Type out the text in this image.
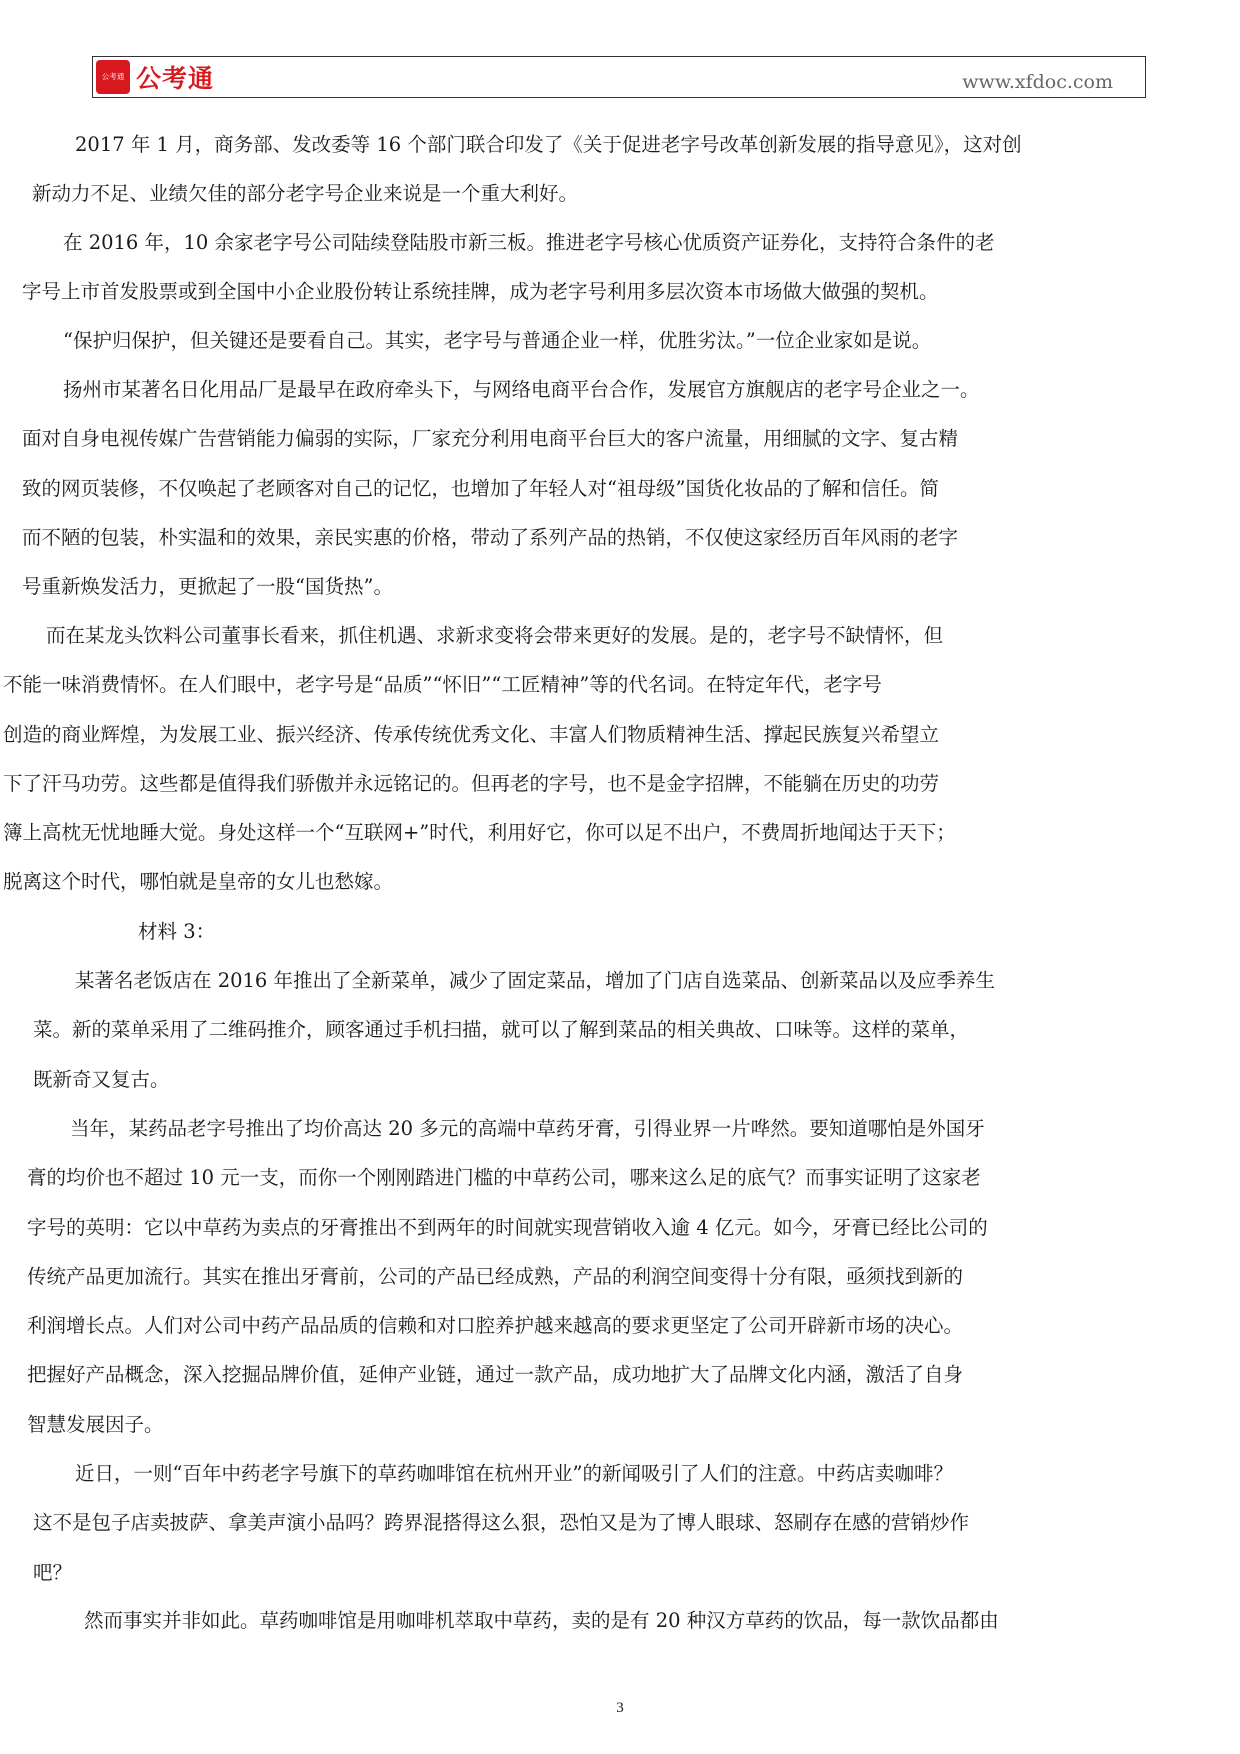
公考通 公考通	www.xfdoc.com
2017 年 1 月，商务部、发改委等 16 个部门联合印发了《关于促进老字号改革创新发展的指导意见》，这对创
新动力不足、业绩欠佳的部分老字号企业来说是一个重大利好。
在 2016 年，10 余家老字号公司陆续登陆股市新三板。推进老字号核心优质资产证券化，支持符合条件的老
字号上市首发股票或到全国中小企业股份转让系统挂牌，成为老字号利用多层次资本市场做大做强的契机。
“保护归保护，但关键还是要看自己。其实，老字号与普通企业一样，优胜劣汰。”一位企业家如是说。
扬州市某著名日化用品厂是最早在政府牵头下，与网络电商平台合作，发展官方旗舰店的老字号企业之一。
面对自身电视传媒广告营销能力偏弱的实际，厂家充分利用电商平台巨大的客户流量，用细腻的文字、复古精
致的网页装修，不仅唤起了老顾客对自己的记忆，也增加了年轻人对“祖母级”国货化妆品的了解和信任。简
而不陋的包装，朴实温和的效果，亲民实惠的价格，带动了系列产品的热销，不仅使这家经历百年风雨的老字
号重新焕发活力，更掀起了一股“国货热”。
而在某龙头饮料公司董事长看来，抓住机遇、求新求变将会带来更好的发展。是的，老字号不缺情怀，但
不能一味消费情怀。在人们眼中，老字号是“品质”“怀旧”“工匠精神”等的代名词。在特定年代，老字号
创造的商业辉煌，为发展工业、振兴经济、传承传统优秀文化、丰富人们物质精神生活、撑起民族复兴希望立
下了汗马功劳。这些都是值得我们骄傲并永远铭记的。但再老的字号，也不是金字招牌，不能躺在历史的功劳
簿上高枕无忧地睡大觉。身处这样一个“互联网+”时代，利用好它，你可以足不出户，不费周折地闻达于天下；
脱离这个时代，哪怕就是皇帝的女儿也愁嫁。
材料 3：
某著名老饭店在 2016 年推出了全新菜单，减少了固定菜品，增加了门店自选菜品、创新菜品以及应季养生
菜。新的菜单采用了二维码推介，顾客通过手机扫描，就可以了解到菜品的相关典故、口味等。这样的菜单，
既新奇又复古。
当年，某药品老字号推出了均价高达 20 多元的高端中草药牙膏，引得业界一片哗然。要知道哪怕是外国牙
膏的均价也不超过 10 元一支，而你一个刚刚踏进门槛的中草药公司，哪来这么足的底气？而事实证明了这家老
字号的英明：它以中草药为卖点的牙膏推出不到两年的时间就实现营销收入逾 4 亿元。如今，牙膏已经比公司的
传统产品更加流行。其实在推出牙膏前，公司的产品已经成熟，产品的利润空间变得十分有限，亟须找到新的
利润增长点。人们对公司中药产品品质的信赖和对口腔养护越来越高的要求更坚定了公司开辟新市场的决心。
把握好产品概念，深入挖掘品牌价值，延伸产业链，通过一款产品，成功地扩大了品牌文化内涵，激活了自身
智慧发展因子。
近日，一则“百年中药老字号旗下的草药咖啡馆在杭州开业”的新闻吸引了人们的注意。中药店卖咖啡？
这不是包子店卖披萨、拿美声演小品吗？跨界混搭得这么狠，恐怕又是为了博人眼球、怒刷存在感的营销炒作
吧？
然而事实并非如此。草药咖啡馆是用咖啡机萃取中草药，卖的是有 20 种汉方草药的饮品，每一款饮品都由
3
